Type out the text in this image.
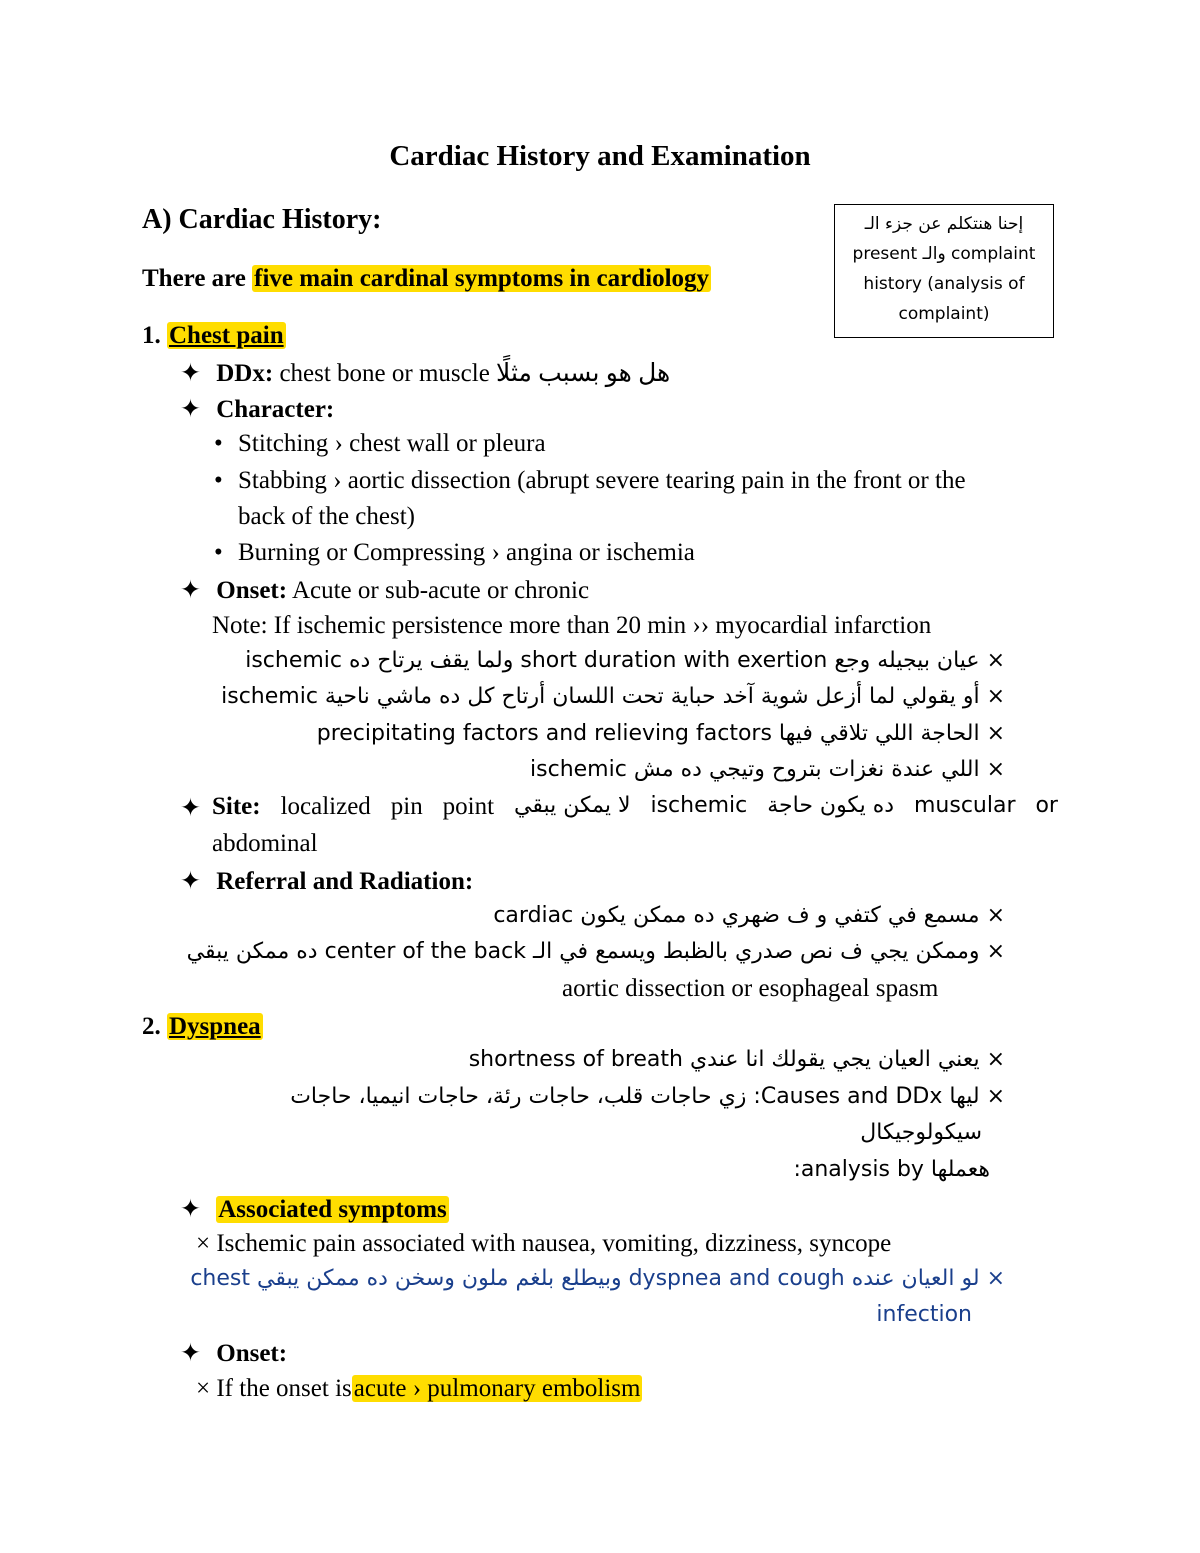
Cardiac History and Examination
A) Cardiac History:	إحنا هنتكلم عن جزء الـ
present والـ complaint
history (analysis of
complaint)
There are five main cardinal symptoms in cardiology
1. Chest pain
✦ DDx: هل هو بسبب مثلًا chest bone or muscle
✦ Character:
• Stitching › chest wall or pleura
• Stabbing › aortic dissection (abrupt severe tearing pain in the front or the
back of the chest)
• Burning or Compressing › angina or ischemia
✦ Onset: Acute or sub-acute or chronic
Note: If ischemic persistence more than 20 min ›› myocardial infarction
× عيان بيجيله وجع short duration with exertion ولما يقف يرتاح ده ischemic
× أو يقولي لما أزعل شوية آخد حباية تحت اللسان أرتاح كل ده ماشي ناحية ischemic
× الحاجة اللي تلاقي فيها precipitating factors and relieving factors
× اللي عندة نغزات بتروح وتيجي ده مش ischemic
✦ Site: localized pin point لا يمكن يبقي ischemic ده يكون حاجة muscular or
abdominal
✦ Referral and Radiation:
× مسمع في كتفي و ف ضهري ده ممكن يكون cardiac
× وممكن يجي ف نص صدري بالظبط ويسمع في الـ center of the back ده ممكن يبقي
aortic dissection or esophageal spasm
2. Dyspnea
× يعني العيان يجي يقولك انا عندي shortness of breath
× ليها Causes and DDx: زي حاجات قلب، حاجات رئة، حاجات انيميا، حاجات
سيكولوجيكال
هعملها analysis by:
✦ Associated symptoms
× Ischemic pain associated with nausea, vomiting, dizziness, syncope
× لو العيان عنده dyspnea and cough وبيطلع بلغم ملون وسخن ده ممكن يبقي chest
infection
✦ Onset:
× If the onset isacute › pulmonary embolism
